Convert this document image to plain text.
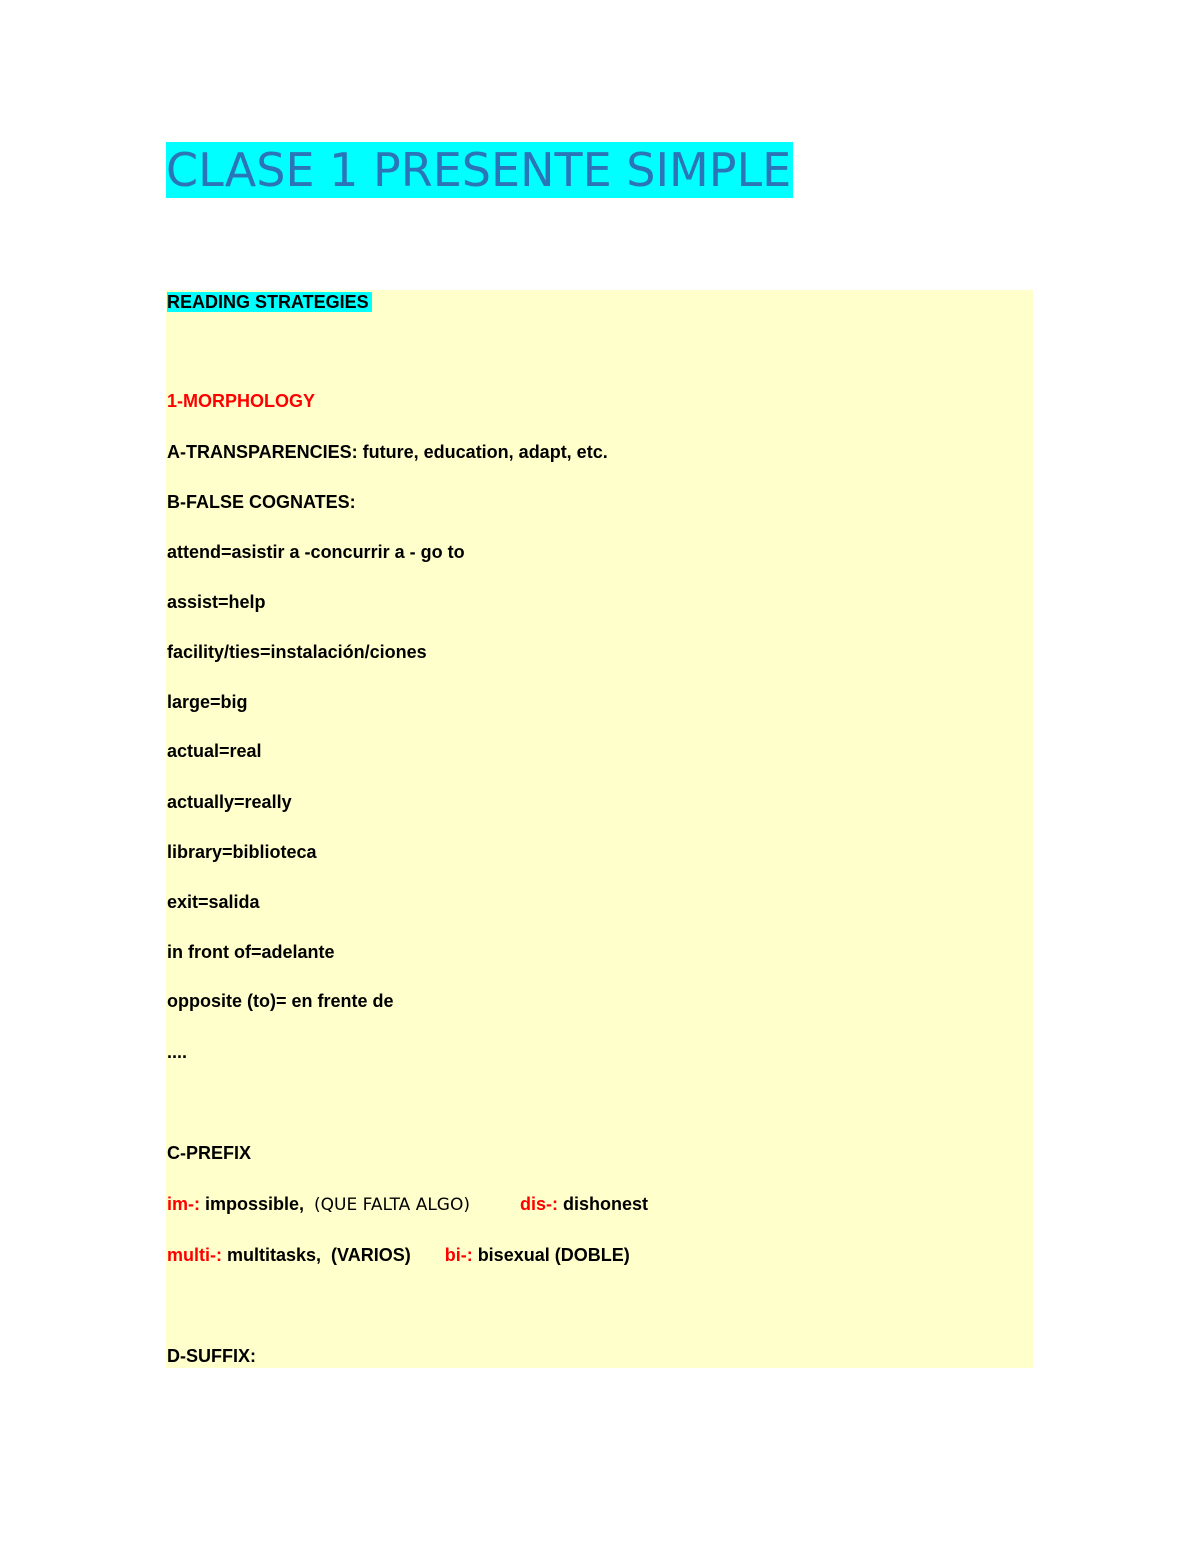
CLASE 1 PRESENTE SIMPLE
READING STRATEGIES
1-MORPHOLOGY
A-TRANSPARENCIES: future, education, adapt, etc.
B-FALSE COGNATES:
attend=asistir a -concurrir a - go to
assist=help
facility/ties=instalación/ciones
large=big
actual=real
actually=really
library=biblioteca
exit=salida
in front of=adelante
opposite (to)= en frente de
....
C-PREFIX
im-: impossible, (QUE FALTA ALGO)	dis-: dishonest
multi-: multitasks, (VARIOS) bi-: bisexual (DOBLE)
D-SUFFIX:
